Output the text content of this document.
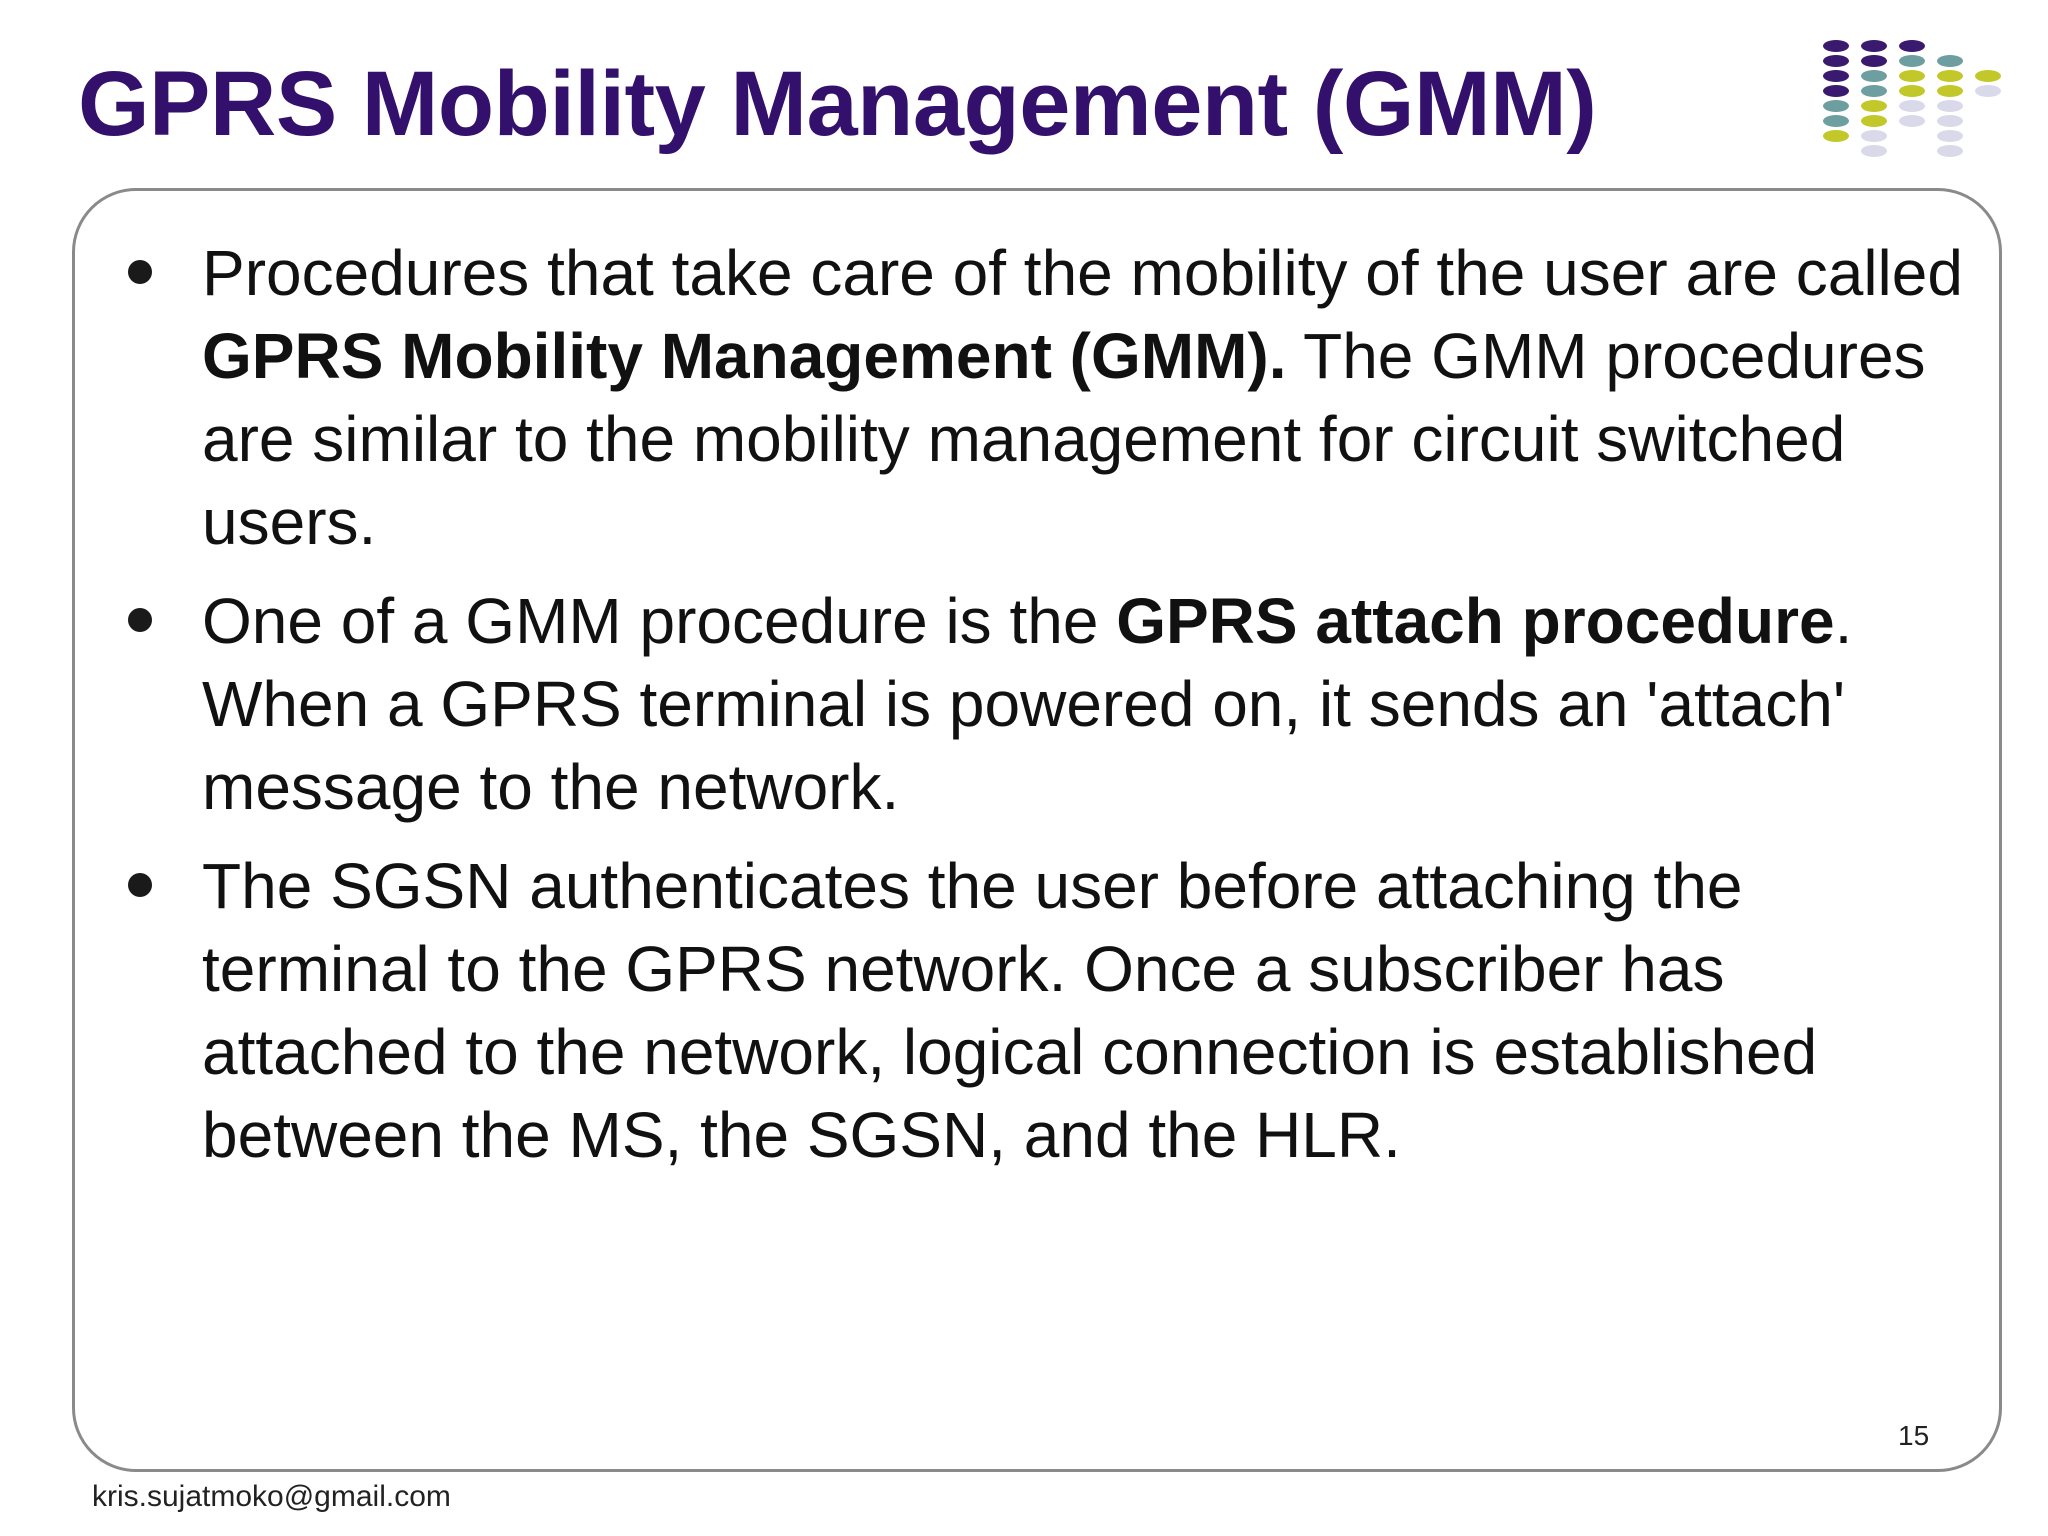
GPRS Mobility Management (GMM)
Procedures that take care of the mobility of the user are called GPRS Mobility Management (GMM). The GMM procedures are similar to the mobility management for circuit switched users.
One of a GMM procedure is the GPRS attach procedure. When a GPRS terminal is powered on, it sends an 'attach' message to the network.
The SGSN authenticates the user before attaching the terminal to the GPRS network. Once a subscriber has attached to the network, logical connection is established between the MS, the SGSN, and the HLR.
15
kris.sujatmoko@gmail.com
